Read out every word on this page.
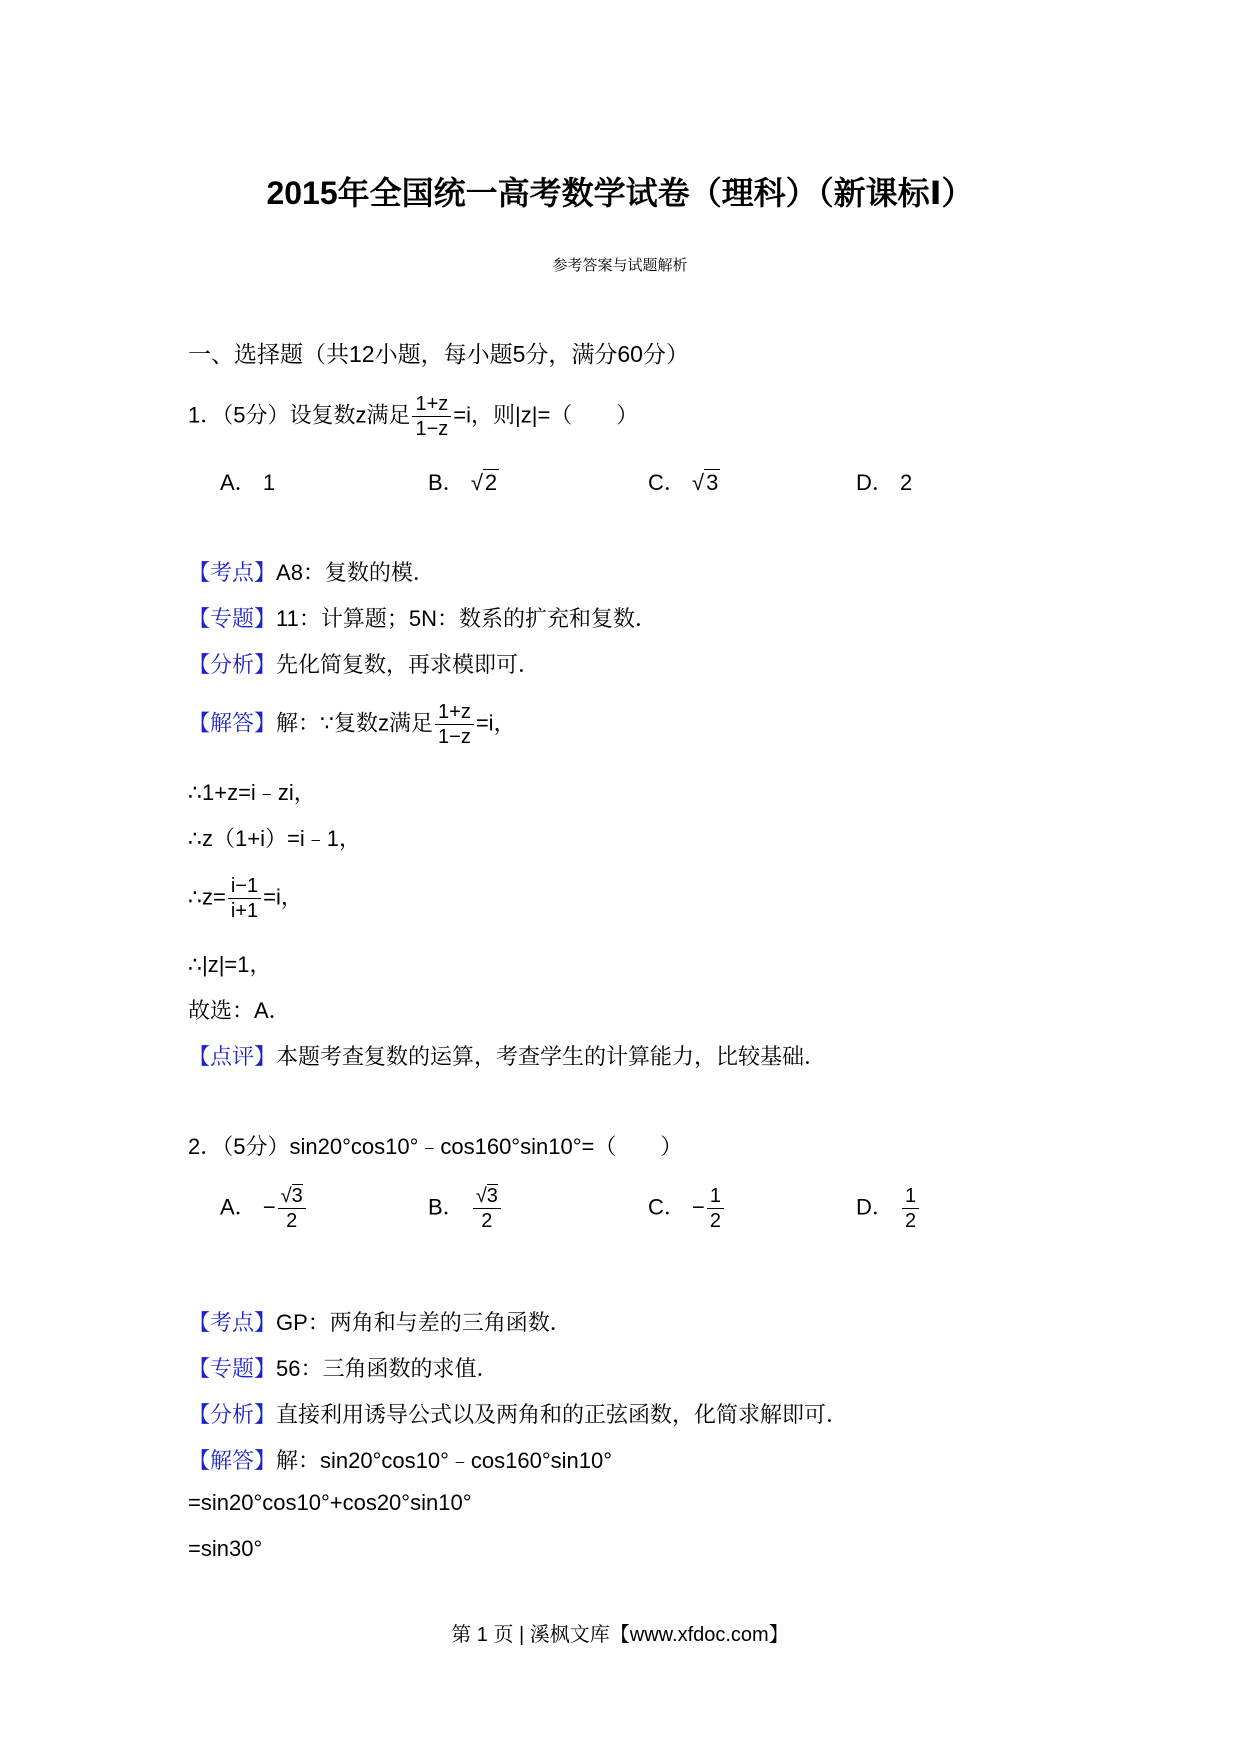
2015年全国统一高考数学试卷（理科）（新课标Ⅰ）
参考答案与试题解析
一、选择题（共12小题，每小题5分，满分60分）
1．（5分）设复数z满足 $\frac{1+z}{1-z} =i$，则|z|=（　　）
A． 1	B． √2	C． √3	D． 2
【考点】A8：复数的模．
【专题】11：计算题；5N：数系的扩充和复数．
【分析】先化简复数，再求模即可．
【解答】解：∵复数z满足 $\frac{1+z}{1-z} =i$，
∴1+z=i﹣zi，
∴z（1+i）=i﹣1，
∴z= $\frac{i-1}{i+1} =i$，
∴|z|=1，
故选：A．
【点评】本题考查复数的运算，考查学生的计算能力，比较基础．
2．（5分）sin20°cos10°﹣cos160°sin10°=（　　）
A． − $\frac{√3}{2}$	B． $\frac{√3}{2}$	C． − $\frac{1}{2}$	D． $\frac{1}{2}$
【考点】GP：两角和与差的三角函数．
【专题】56：三角函数的求值．
【分析】直接利用诱导公式以及两角和的正弦函数，化简求解即可．
【解答】解：sin20°cos10°﹣cos160°sin10°
=sin20°cos10°+cos20°sin10°
=sin30°
第 1 页 | 溪枫文库【www.xfdoc.com】
